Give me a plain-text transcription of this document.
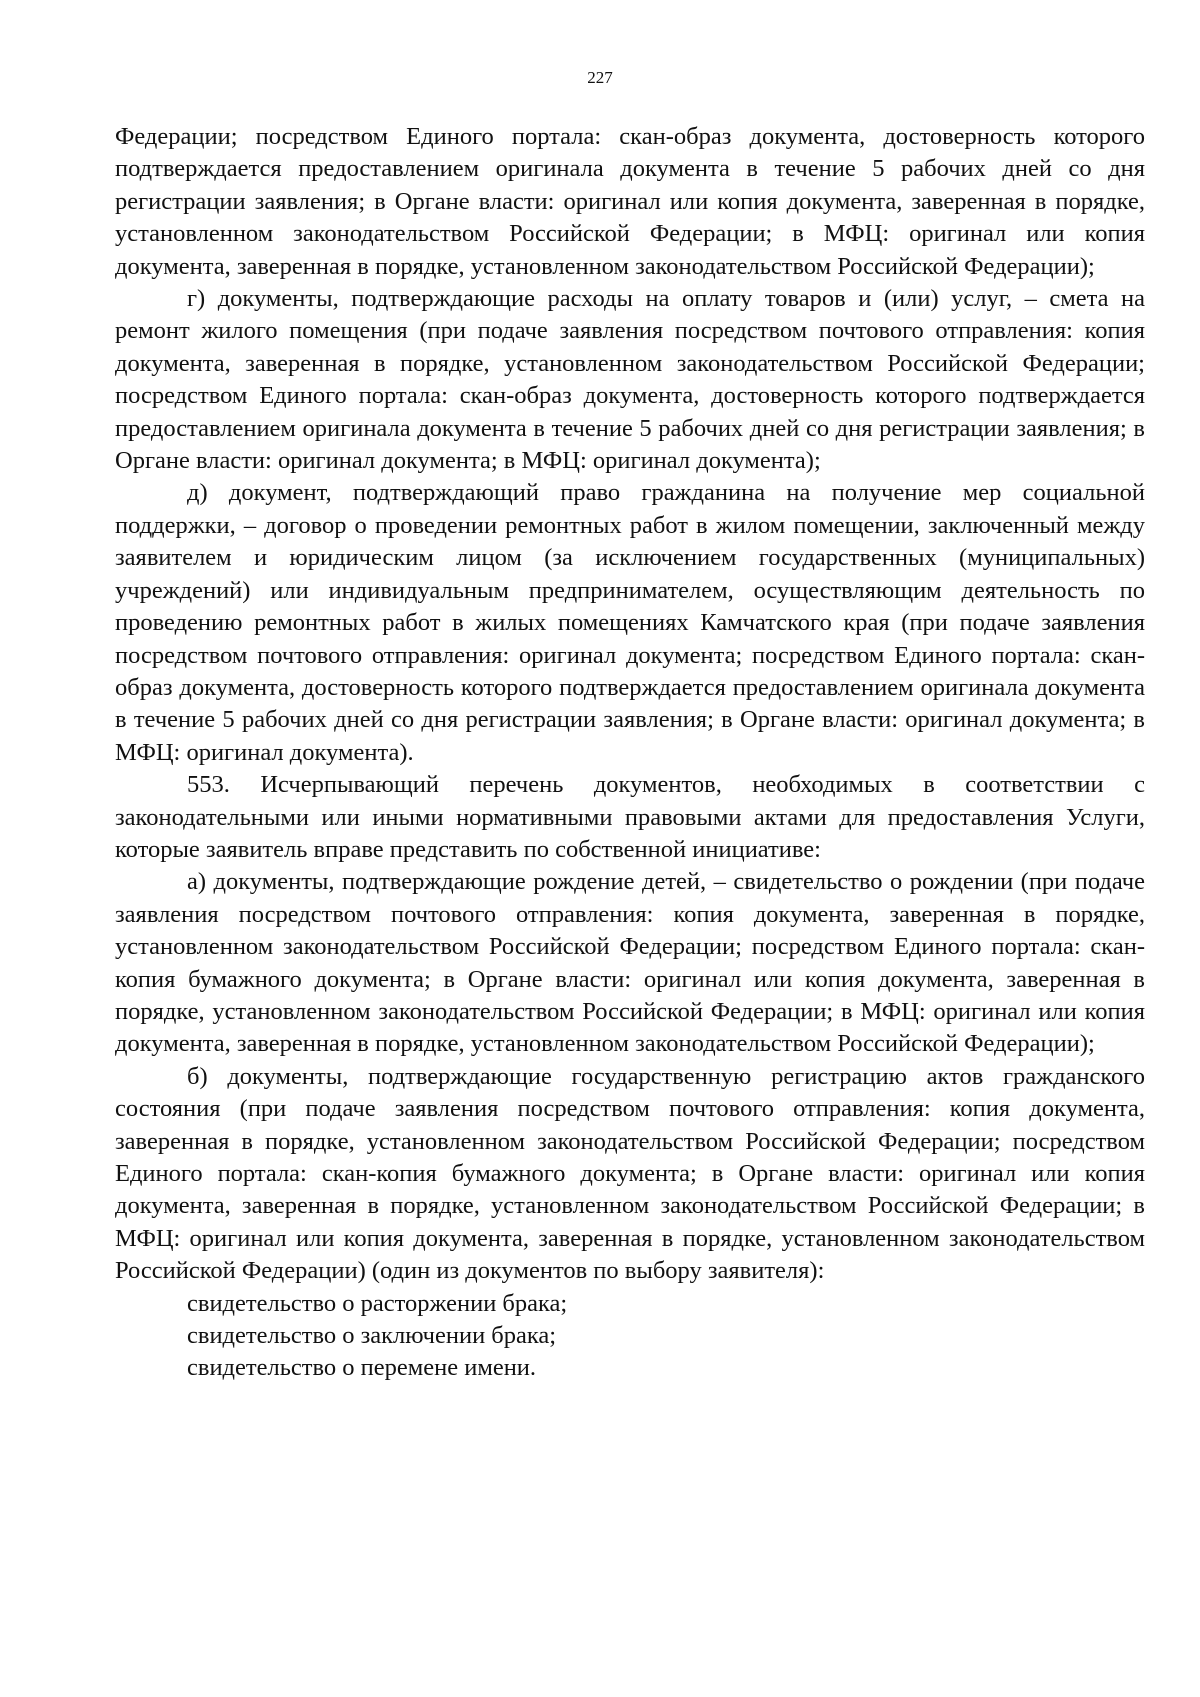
227

Федерации; посредством Единого портала: скан-образ документа, достоверность которого подтверждается предоставлением оригинала документа в течение 5 рабочих дней со дня регистрации заявления; в Органе власти: оригинал или копия документа, заверенная в порядке, установленном законодательством Российской Федерации; в МФЦ: оригинал или копия документа, заверенная в порядке, установленном законодательством Российской Федерации);

г) документы, подтверждающие расходы на оплату товаров и (или) услуг, – смета на ремонт жилого помещения (при подаче заявления посредством почтового отправления: копия документа, заверенная в порядке, установленном законодательством Российской Федерации; посредством Единого портала: скан-образ документа, достоверность которого подтверждается предоставлением оригинала документа в течение 5 рабочих дней со дня регистрации заявления; в Органе власти: оригинал документа; в МФЦ: оригинал документа);

д) документ, подтверждающий право гражданина на получение мер социальной поддержки, – договор о проведении ремонтных работ в жилом помещении, заключенный между заявителем и юридическим лицом (за исключением государственных (муниципальных) учреждений) или индивидуальным предпринимателем, осуществляющим деятельность по проведению ремонтных работ в жилых помещениях Камчатского края (при подаче заявления посредством почтового отправления: оригинал документа; посредством Единого портала: скан-образ документа, достоверность которого подтверждается предоставлением оригинала документа в течение 5 рабочих дней со дня регистрации заявления; в Органе власти: оригинал документа; в МФЦ: оригинал документа).

553. Исчерпывающий перечень документов, необходимых в соответствии с законодательными или иными нормативными правовыми актами для предоставления Услуги, которые заявитель вправе представить по собственной инициативе:

а) документы, подтверждающие рождение детей, – свидетельство о рождении (при подаче заявления посредством почтового отправления: копия документа, заверенная в порядке, установленном законодательством Российской Федерации; посредством Единого портала: скан-копия бумажного документа; в Органе власти: оригинал или копия документа, заверенная в порядке, установленном законодательством Российской Федерации; в МФЦ: оригинал или копия документа, заверенная в порядке, установленном законодательством Российской Федерации);

б) документы, подтверждающие государственную регистрацию актов гражданского состояния (при подаче заявления посредством почтового отправления: копия документа, заверенная в порядке, установленном законодательством Российской Федерации; посредством Единого портала: скан-копия бумажного документа; в Органе власти: оригинал или копия документа, заверенная в порядке, установленном законодательством Российской Федерации; в МФЦ: оригинал или копия документа, заверенная в порядке, установленном законодательством Российской Федерации) (один из документов по выбору заявителя):

свидетельство о расторжении брака;

свидетельство о заключении брака;

свидетельство о перемене имени.
